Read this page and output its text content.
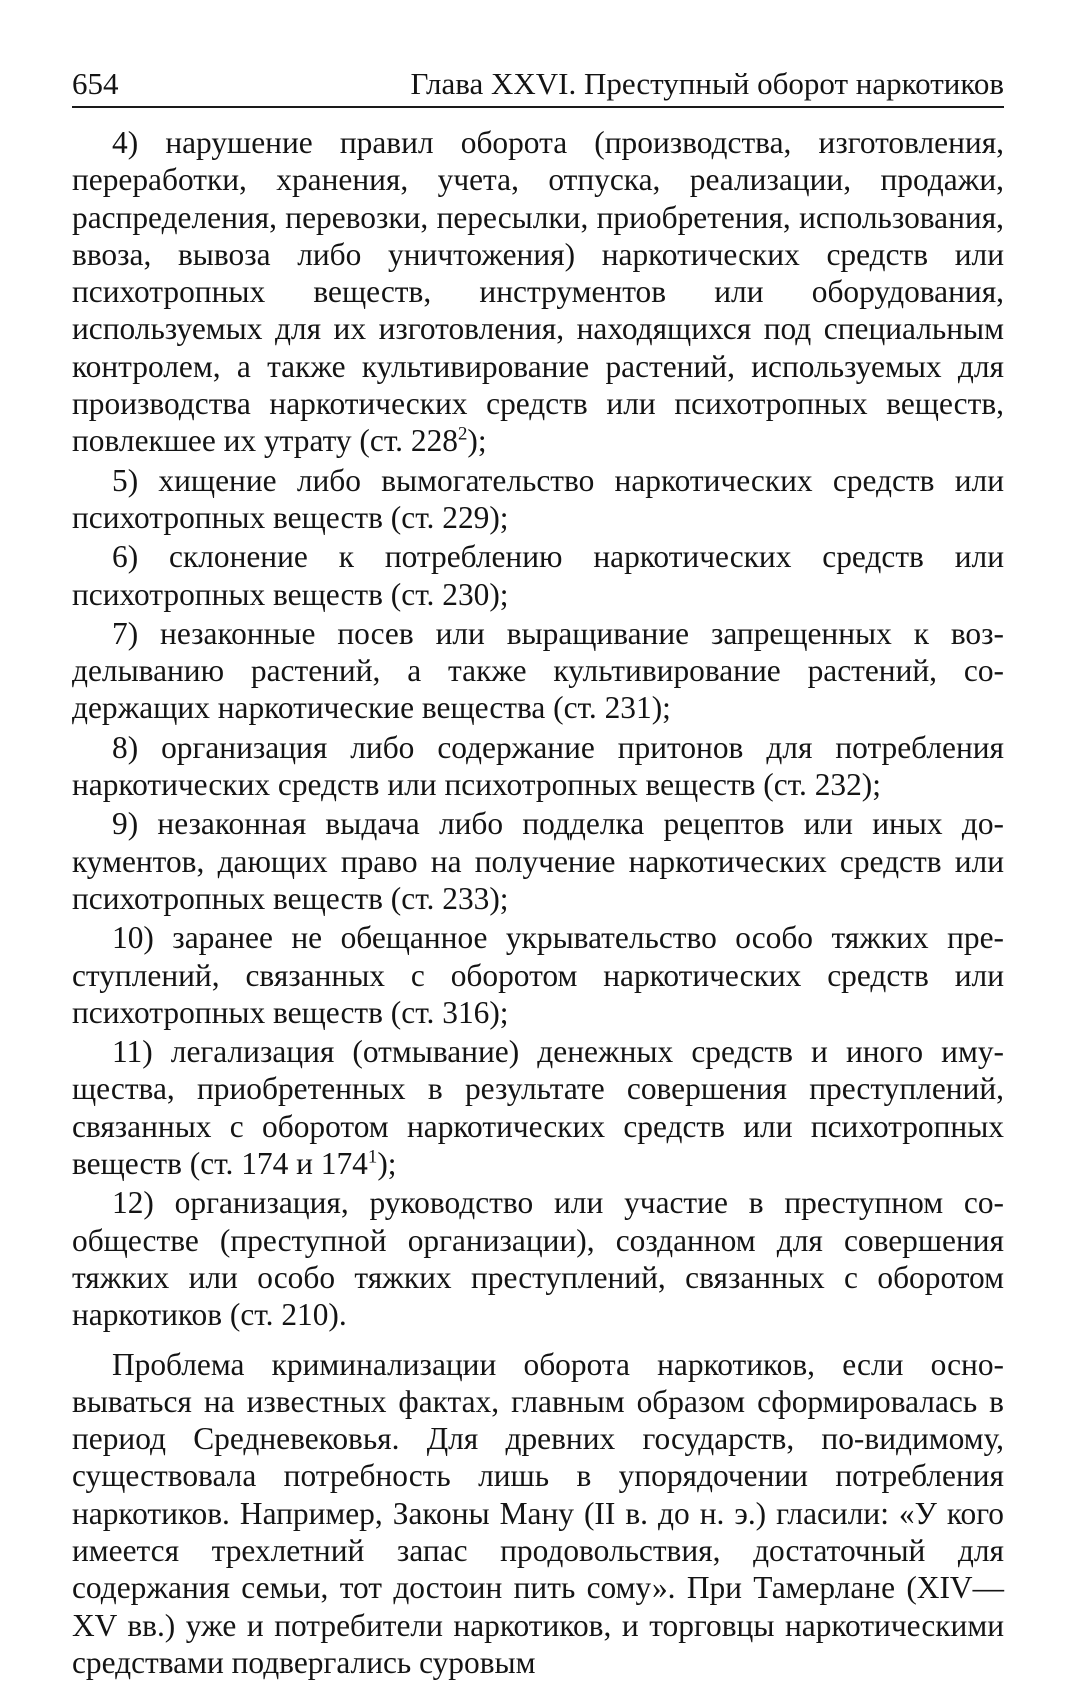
654	Глава XXVI. Преступный оборот наркотиков

4) нарушение правил оборота (производства, изготовления, переработки, хранения, учета, отпуска, реализации, продажи, распределения, перевозки, пересылки, приобретения, использования, ввоза, вывоза либо уничтожения) наркотических средств или психотропных веществ, инструментов или оборудования, используемых для их изготовления, находящихся под специальным контролем, а также культивирование растений, используемых для производства наркотических средств или психотропных веществ, повлекшее их утрату (ст. $228^2$);

5) хищение либо вымогательство наркотических средств или психотропных веществ (ст. 229);

6) склонение к потреблению наркотических средств или психотропных веществ (ст. 230);

7) незаконные посев или выращивание запрещенных к возделыванию растений, а также культивирование растений, содержащих наркотические вещества (ст. 231);

8) организация либо содержание притонов для потребления наркотических средств или психотропных веществ (ст. 232);

9) незаконная выдача либо подделка рецептов или иных документов, дающих право на получение наркотических средств или психотропных веществ (ст. 233);

10) заранее не обещанное укрывательство особо тяжких преступлений, связанных с оборотом наркотических средств или психотропных веществ (ст. 316);

11) легализация (отмывание) денежных средств и иного имущества, приобретенных в результате совершения преступлений, связанных с оборотом наркотических средств или психотропных веществ (ст. 174 и $174^1$);

12) организация, руководство или участие в преступном сообществе (преступной организации), созданном для совершения тяжких или особо тяжких преступлений, связанных с оборотом наркотиков (ст. 210).

Проблема криминализации оборота наркотиков, если основываться на известных фактах, главным образом сформировалась в период Средневековья. Для древних государств, по-видимому, существовала потребность лишь в упорядочении потребления наркотиков. Например, Законы Ману (II в. до н. э.) гласили: «У кого имеется трехлетний запас продовольствия, достаточный для содержания семьи, тот достоин пить сому». При Тамерлане (XIV—XV вв.) уже и потребители наркотиков, и торговцы наркотическими средствами подвергались суровым
